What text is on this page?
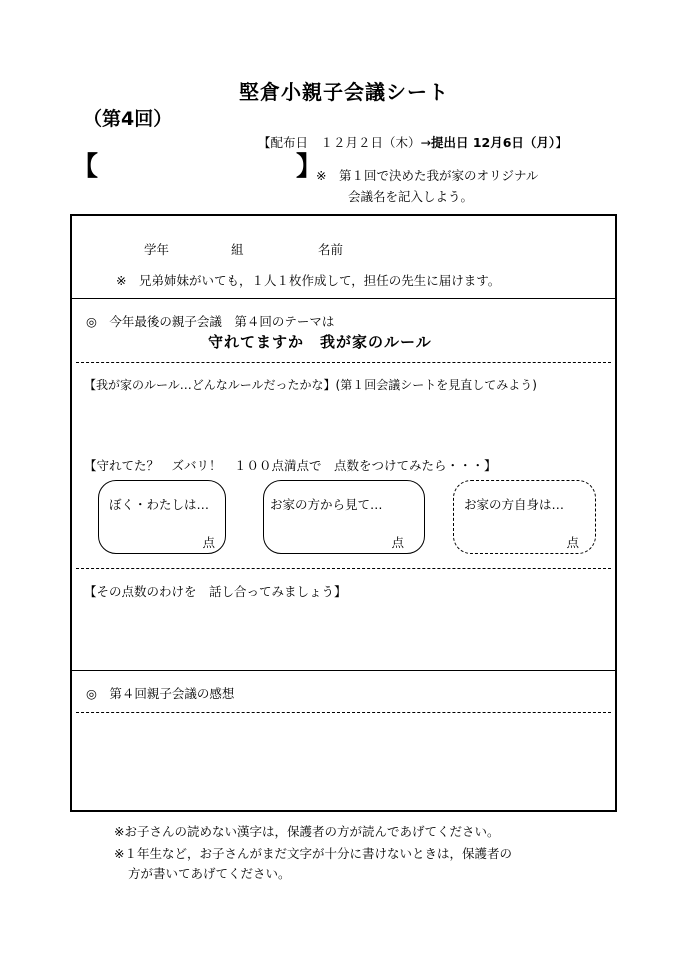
堅倉小親子会議シート
（第4回）
【配布日　１２月２日（木）→提出日 12月6日（月）】
【	】
※　第１回で決めた我が家のオリジナル
会議名を記入しよう。
学年	組	名前
※　兄弟姉妹がいても，１人１枚作成して，担任の先生に届けます。
◎　今年最後の親子会議　第４回のテーマは
守れてますか　我が家のルール
【我が家のルール…どんなルールだったかな】(第１回会議シートを見直してみよう)
【守れてた？　ズバリ！　１００点満点で　点数をつけてみたら・・・】
ぼく・わたしは…
点
お家の方から見て…
点
お家の方自身は…
点
【その点数のわけを　話し合ってみましょう】
◎　第４回親子会議の感想
※お子さんの読めない漢字は，保護者の方が読んであげてください。
※１年生など，お子さんがまだ文字が十分に書けないときは，保護者の
方が書いてあげてください。
